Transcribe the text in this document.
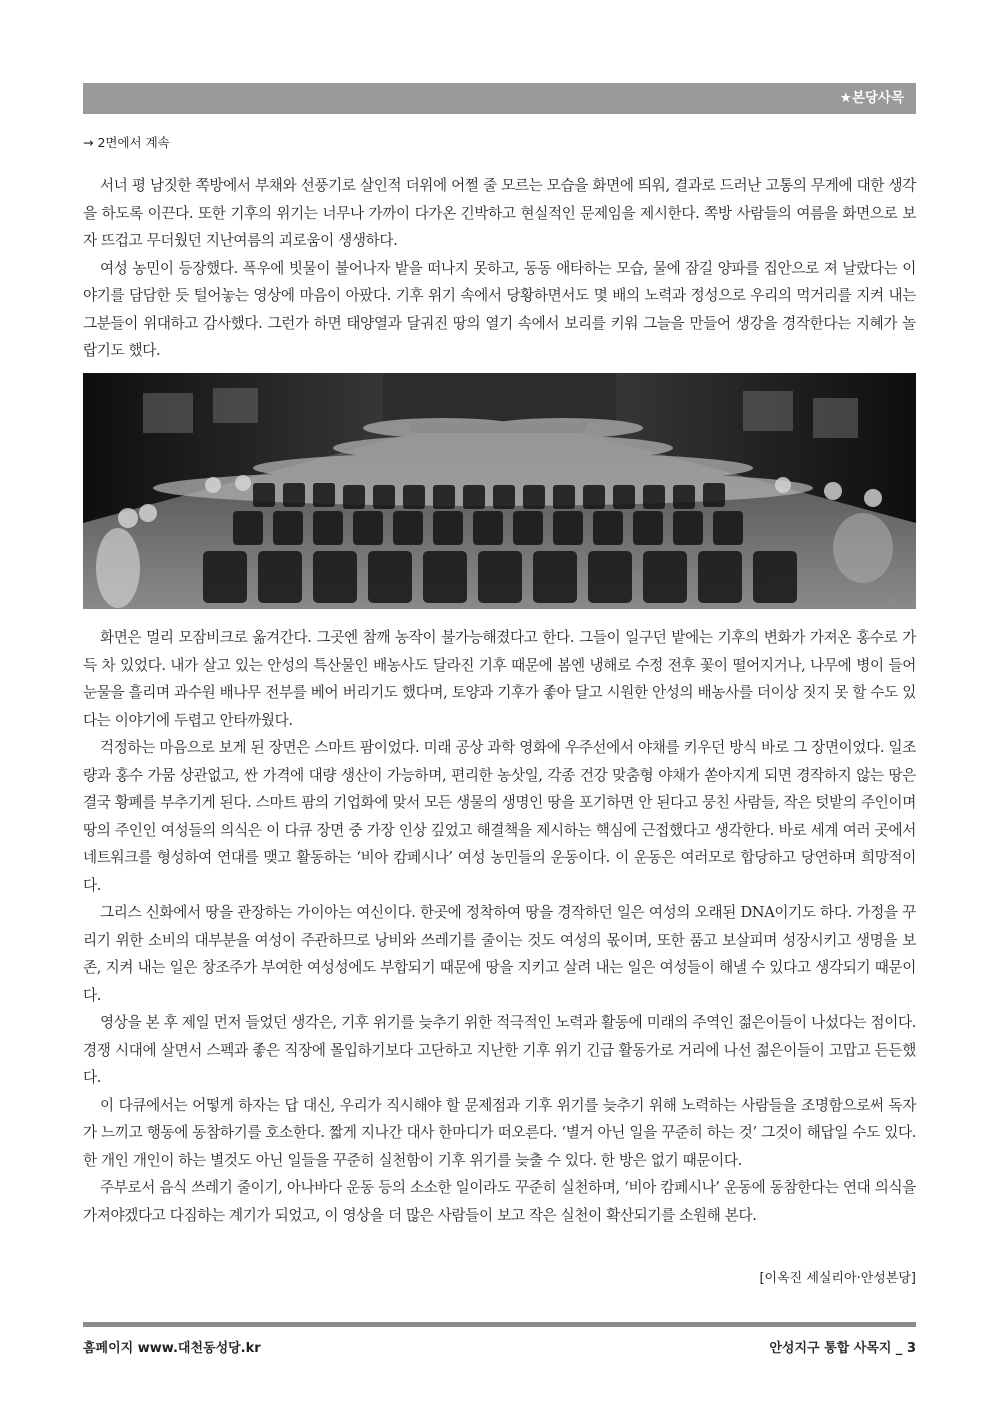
★본당사목
→ 2면에서 계속

서너 평 남짓한 쪽방에서 부채와 선풍기로 살인적 더위에 어쩔 줄 모르는 모습을 화면에 띄워, 결과로 드러난 고통의 무게에 대한 생각을 하도록 이끈다. 또한 기후의 위기는 너무나 가까이 다가온 긴박하고 현실적인 문제임을 제시한다. 쪽방 사람들의 여름을 화면으로 보자 뜨겁고 무더웠던 지난여름의 괴로움이 생생하다.

여성 농민이 등장했다. 폭우에 빗물이 불어나자 밭을 떠나지 못하고, 동동 애타하는 모습, 물에 잠길 양파를 집안으로 져 날랐다는 이야기를 담담한 듯 털어놓는 영상에 마음이 아팠다. 기후 위기 속에서 당황하면서도 몇 배의 노력과 정성으로 우리의 먹거리를 지켜 내는 그분들이 위대하고 감사했다. 그런가 하면 태양열과 달궈진 땅의 열기 속에서 보리를 키워 그늘을 만들어 생강을 경작한다는 지혜가 놀랍기도 했다.

화면은 멀리 모잠비크로 옮겨간다. 그곳엔 참깨 농작이 불가능해졌다고 한다. 그들이 일구던 밭에는 기후의 변화가 가져온 홍수로 가득 차 있었다. 내가 살고 있는 안성의 특산물인 배농사도 달라진 기후 때문에 봄엔 냉해로 수정 전후 꽃이 떨어지거나, 나무에 병이 들어 눈물을 흘리며 과수원 배나무 전부를 베어 버리기도 했다며, 토양과 기후가 좋아 달고 시원한 안성의 배농사를 더이상 짓지 못 할 수도 있다는 이야기에 두렵고 안타까웠다.

걱정하는 마음으로 보게 된 장면은 스마트 팜이었다. 미래 공상 과학 영화에 우주선에서 야채를 키우던 방식 바로 그 장면이었다. 일조량과 홍수 가뭄 상관없고, 싼 가격에 대량 생산이 가능하며, 편리한 농삿일, 각종 건강 맞춤형 야채가 쏟아지게 되면 경작하지 않는 땅은 결국 황폐를 부추기게 된다. 스마트 팜의 기업화에 맞서 모든 생물의 생명인 땅을 포기하면 안 된다고 뭉친 사람들, 작은 텃밭의 주인이며 땅의 주인인 여성들의 의식은 이 다큐 장면 중 가장 인상 깊었고 해결책을 제시하는 핵심에 근접했다고 생각한다. 바로 세계 여러 곳에서 네트워크를 형성하여 연대를 맺고 활동하는 ‘비아 캄페시나’ 여성 농민들의 운동이다. 이 운동은 여러모로 합당하고 당연하며 희망적이다.

그리스 신화에서 땅을 관장하는 가이아는 여신이다. 한곳에 정착하여 땅을 경작하던 일은 여성의 오래된 DNA이기도 하다. 가정을 꾸리기 위한 소비의 대부분을 여성이 주관하므로 낭비와 쓰레기를 줄이는 것도 여성의 몫이며, 또한 품고 보살피며 성장시키고 생명을 보존, 지켜 내는 일은 창조주가 부여한 여성성에도 부합되기 때문에 땅을 지키고 살려 내는 일은 여성들이 해낼 수 있다고 생각되기 때문이다.

영상을 본 후 제일 먼저 들었던 생각은, 기후 위기를 늦추기 위한 적극적인 노력과 활동에 미래의 주역인 젊은이들이 나섰다는 점이다. 경쟁 시대에 살면서 스펙과 좋은 직장에 몰입하기보다 고단하고 지난한 기후 위기 긴급 활동가로 거리에 나선 젊은이들이 고맙고 든든했다.

이 다큐에서는 어떻게 하자는 답 대신, 우리가 직시해야 할 문제점과 기후 위기를 늦추기 위해 노력하는 사람들을 조명함으로써 독자가 느끼고 행동에 동참하기를 호소한다. 짧게 지나간 대사 한마디가 떠오른다. ‘별거 아닌 일을 꾸준히 하는 것’ 그것이 해답일 수도 있다. 한 개인 개인이 하는 별것도 아닌 일들을 꾸준히 실천함이 기후 위기를 늦출 수 있다. 한 방은 없기 때문이다.

주부로서 음식 쓰레기 줄이기, 아나바다 운동 등의 소소한 일이라도 꾸준히 실천하며, ‘비아 캄페시나’ 운동에 동참한다는 연대 의식을 가져야겠다고 다짐하는 계기가 되었고, 이 영상을 더 많은 사람들이 보고 작은 실천이 확산되기를 소원해 본다.

[이옥진 세실리아·안성본당]
홈페이지 www.대천동성당.kr	안성지구 통합 사목지 _ 3
